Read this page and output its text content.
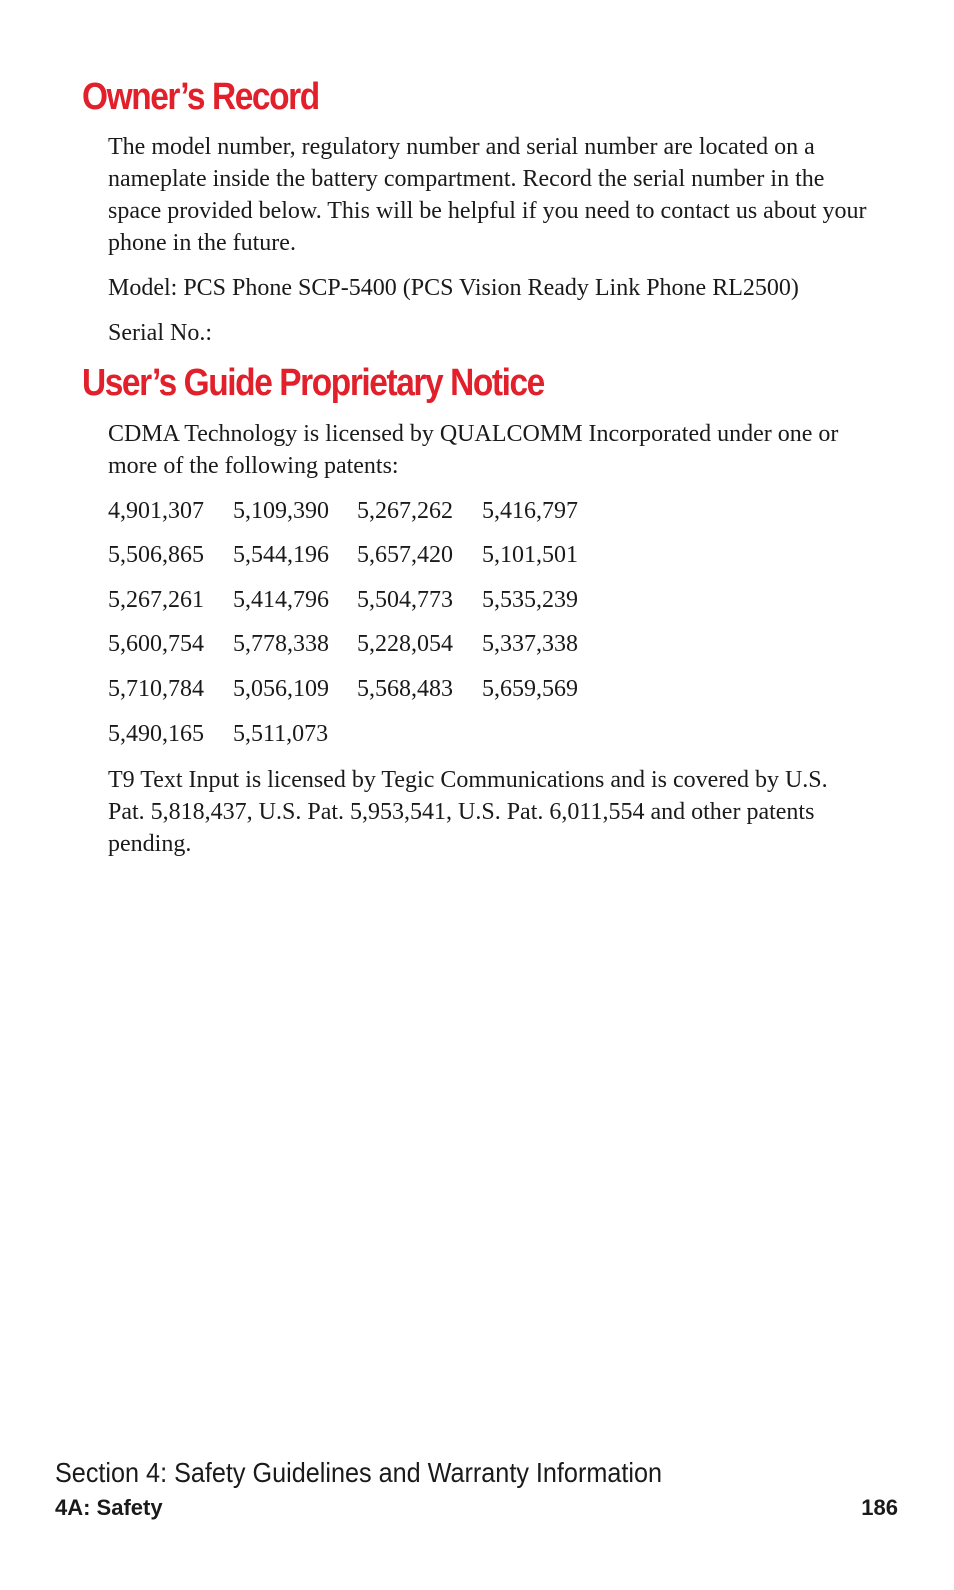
Owner’s Record

The model number, regulatory number and serial number are located on a nameplate inside the battery compartment. Record the serial number in the space provided below. This will be helpful if you need to contact us about your phone in the future.

Model: PCS Phone SCP-5400 (PCS Vision Ready Link Phone RL2500)

Serial No.:

User’s Guide Proprietary Notice

CDMA Technology is licensed by QUALCOMM Incorporated under one or more of the following patents:

4,901,307 5,109,390 5,267,262 5,416,797
5,506,865 5,544,196 5,657,420 5,101,501
5,267,261 5,414,796 5,504,773 5,535,239
5,600,754 5,778,338 5,228,054 5,337,338
5,710,784 5,056,109 5,568,483 5,659,569
5,490,165 5,511,073

T9 Text Input is licensed by Tegic Communications and is covered by U.S. Pat. 5,818,437, U.S. Pat. 5,953,541, U.S. Pat. 6,011,554 and other patents pending.

Section 4: Safety Guidelines and Warranty Information
4A: Safety	186
